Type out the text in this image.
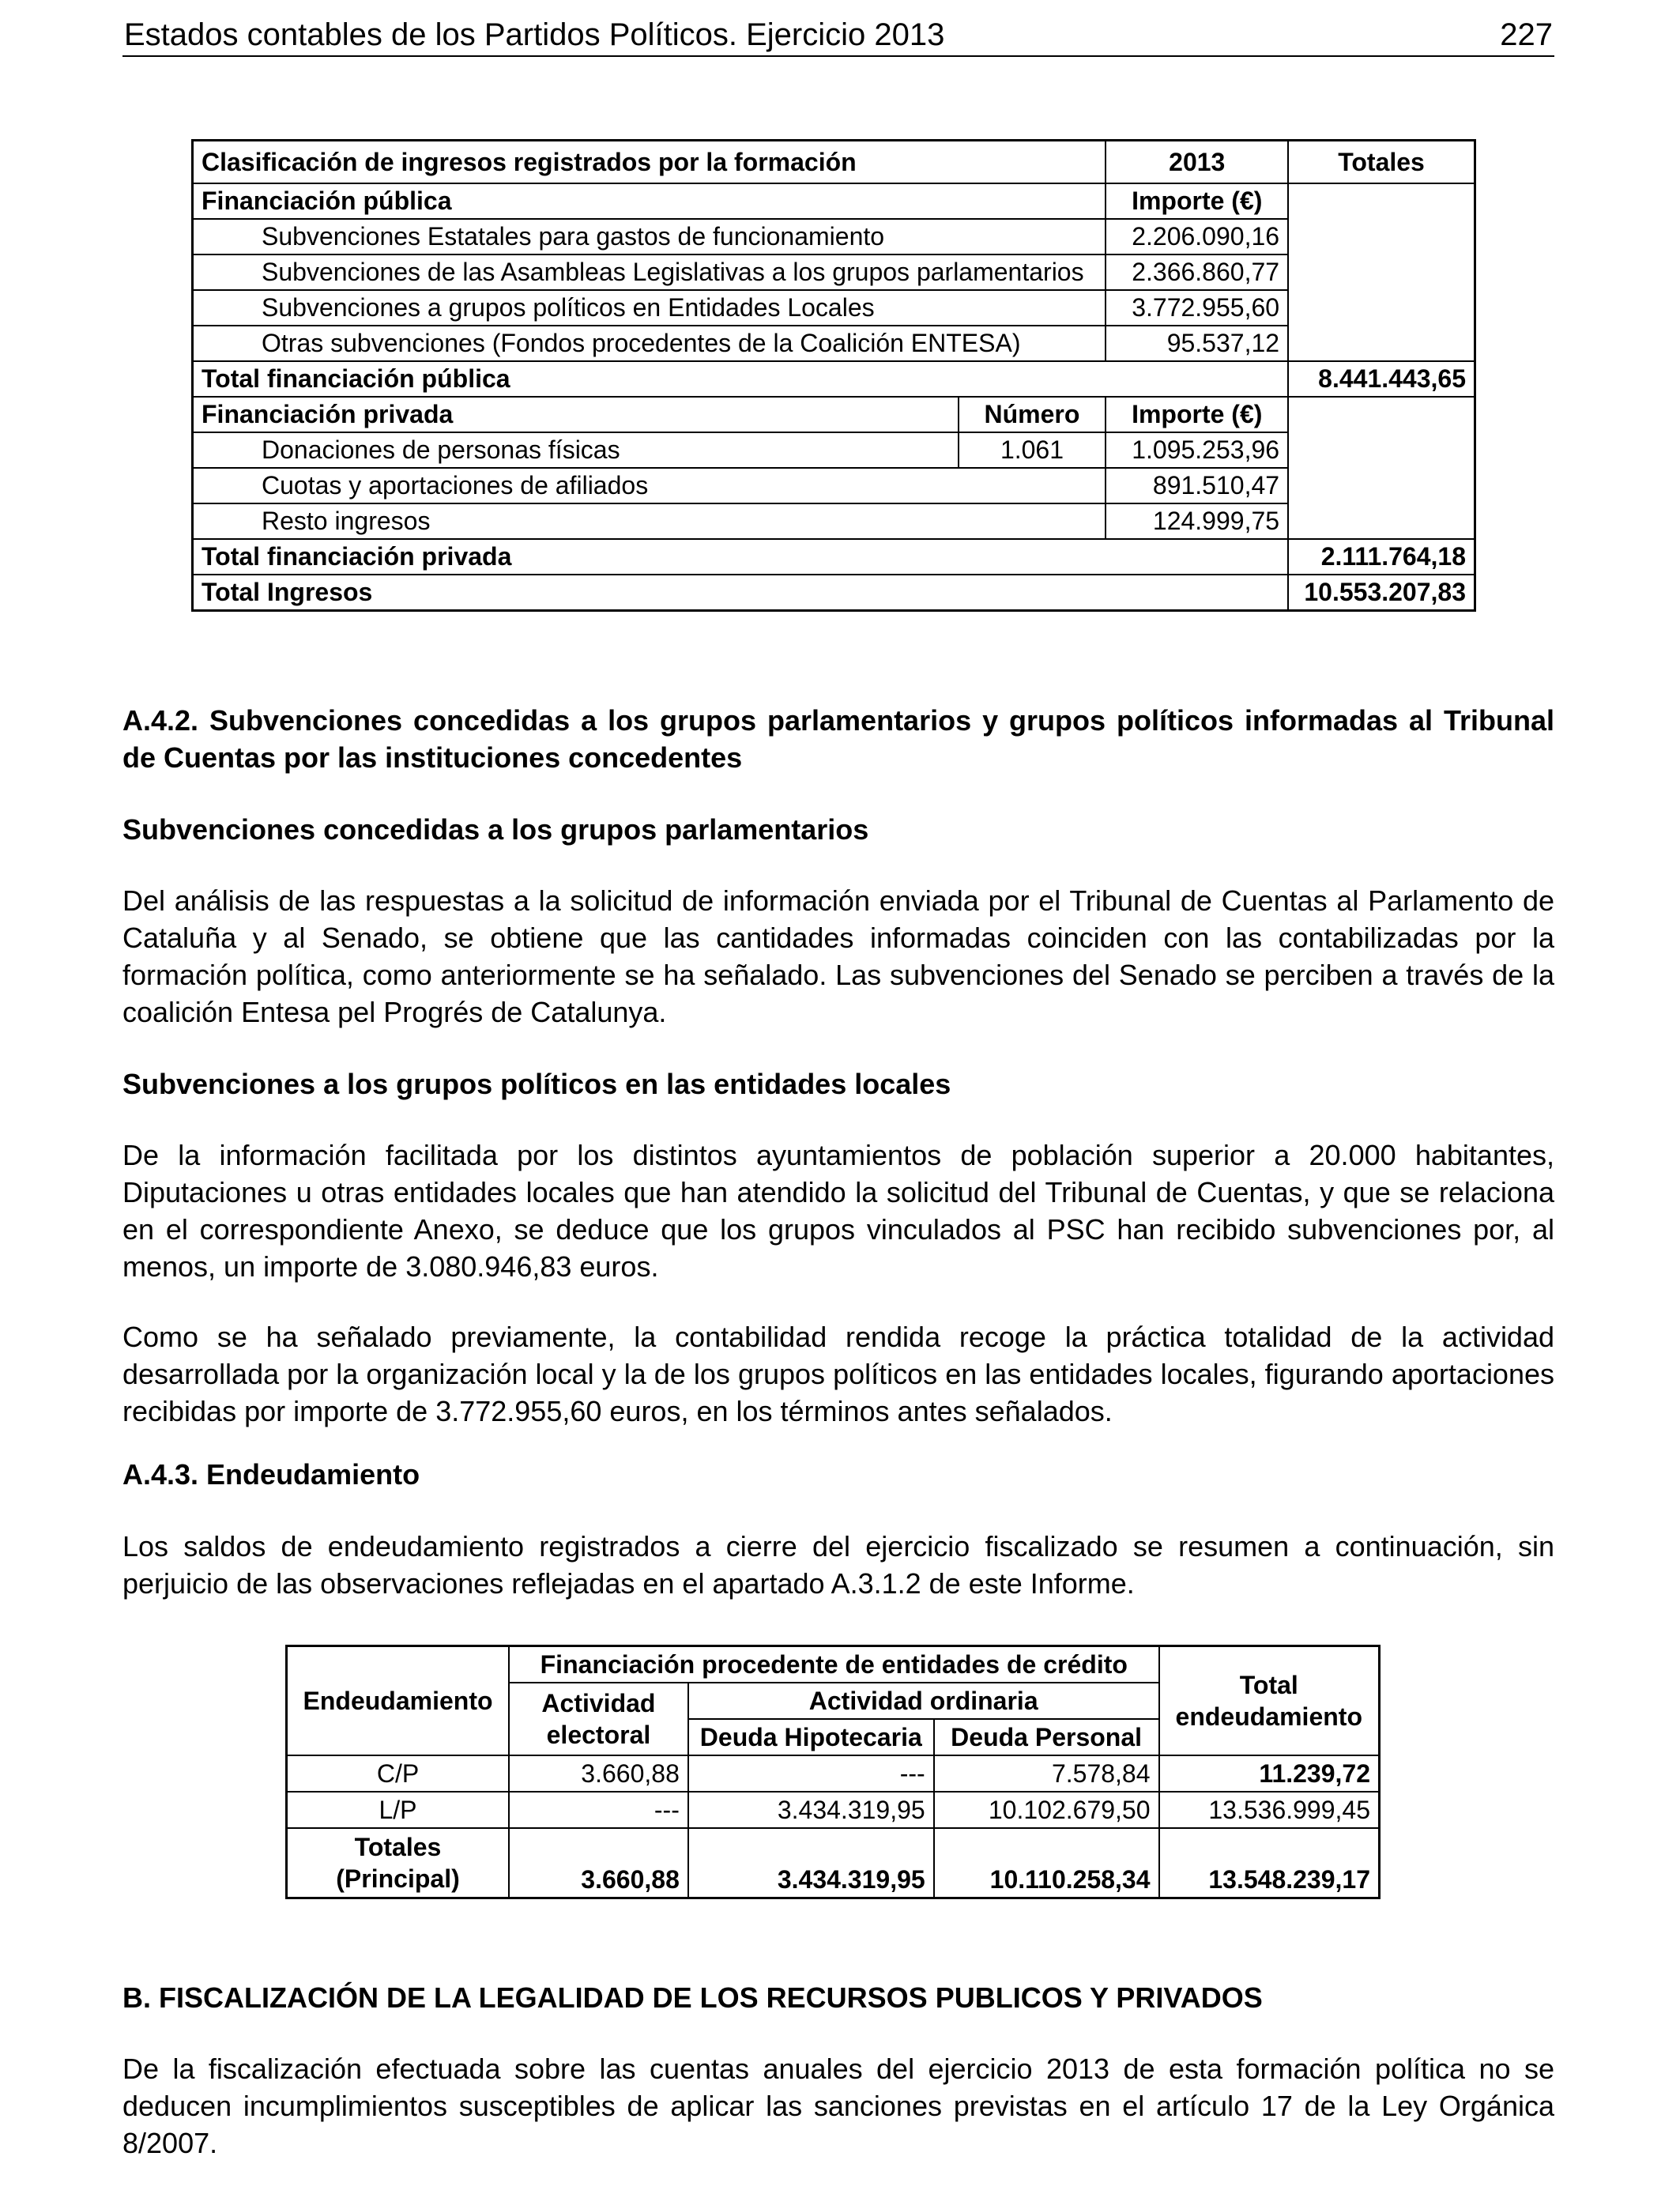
Estados contables de los Partidos Políticos. Ejercicio 2013	227
Clasificación de ingresos registrados por la formación		2013	Totales
Financiación pública		Importe (€)	
Subvenciones Estatales para gastos de funcionamiento		2.206.090,16	
Subvenciones de las Asambleas Legislativas a los grupos parlamentarios		2.366.860,77	
Subvenciones a grupos políticos en Entidades Locales		3.772.955,60	
Otras subvenciones (Fondos procedentes de la Coalición ENTESA)		95.537,12	
Total financiación pública			8.441.443,65
Financiación privada	Número	Importe (€)	
Donaciones de personas físicas	1.061	1.095.253,96	
Cuotas y aportaciones de afiliados		891.510,47	
Resto ingresos		124.999,75	
Total financiación privada			2.111.764,18
Total Ingresos			10.553.207,83
A.4.2. Subvenciones concedidas a los grupos parlamentarios y grupos políticos informadas al Tribunal de Cuentas por las instituciones concedentes
Subvenciones concedidas a los grupos parlamentarios
Del análisis de las respuestas a la solicitud de información enviada por el Tribunal de Cuentas al Parlamento de Cataluña y al Senado, se obtiene que las cantidades informadas coinciden con las contabilizadas por la formación política, como anteriormente se ha señalado. Las subvenciones del Senado se perciben a través de la coalición Entesa pel Progrés de Catalunya.
Subvenciones a los grupos políticos en las entidades locales
De la información facilitada por los distintos ayuntamientos de población superior a 20.000 habitantes, Diputaciones u otras entidades locales que han atendido la solicitud del Tribunal de Cuentas, y que se relaciona en el correspondiente Anexo, se deduce que los grupos vinculados al PSC han recibido subvenciones por, al menos, un importe de 3.080.946,83 euros.
Como se ha señalado previamente, la contabilidad rendida recoge la práctica totalidad de la actividad desarrollada por la organización local y la de los grupos políticos en las entidades locales, figurando aportaciones recibidas por importe de 3.772.955,60 euros, en los términos antes señalados.
A.4.3. Endeudamiento
Los saldos de endeudamiento registrados a cierre del ejercicio fiscalizado se resumen a continuación, sin perjuicio de las observaciones reflejadas en el apartado A.3.1.2 de este Informe.
Endeudamiento	Financiación procedente de entidades de crédito			Total endeudamiento
	Actividad electoral	Actividad ordinaria		
		Deuda Hipotecaria	Deuda Personal	
C/P	3.660,88	---	7.578,84	11.239,72
L/P	---	3.434.319,95	10.102.679,50	13.536.999,45
Totales (Principal)	3.660,88	3.434.319,95	10.110.258,34	13.548.239,17
B. FISCALIZACIÓN DE LA LEGALIDAD DE LOS RECURSOS PUBLICOS Y PRIVADOS
De la fiscalización efectuada sobre las cuentas anuales del ejercicio 2013 de esta formación política no se deducen incumplimientos susceptibles de aplicar las sanciones previstas en el artículo 17 de la Ley Orgánica 8/2007.
